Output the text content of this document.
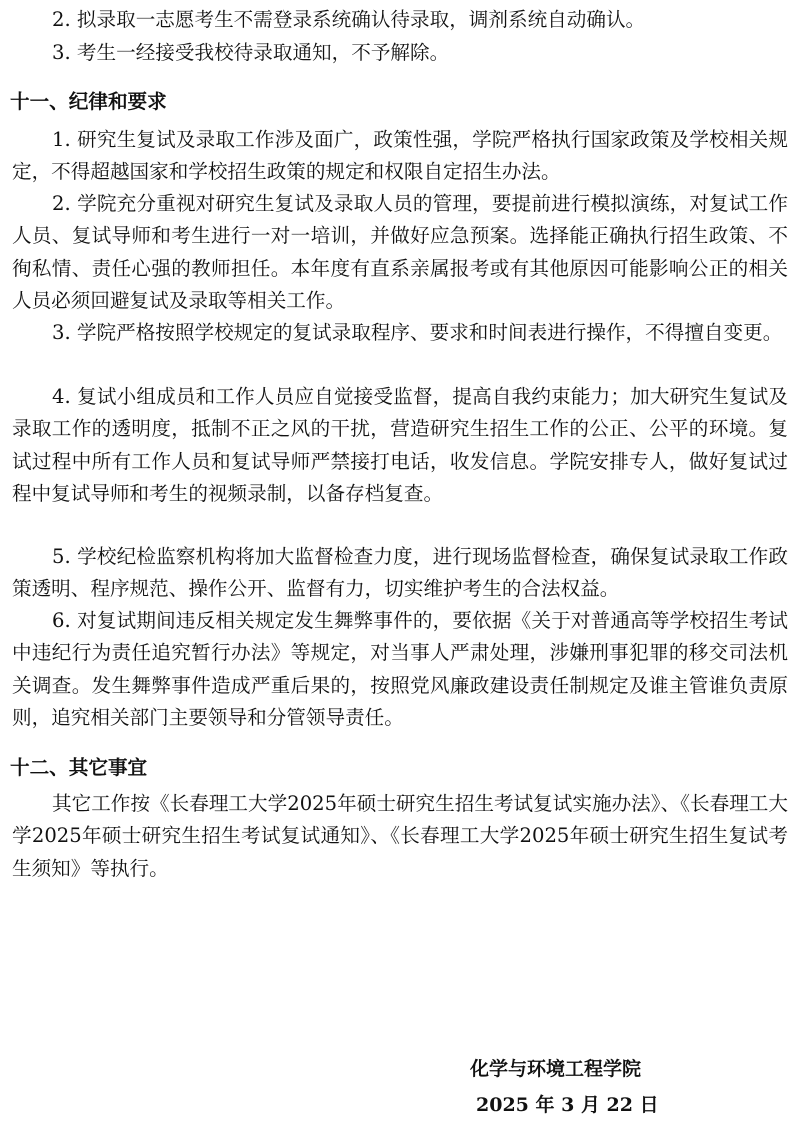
2. 拟录取一志愿考生不需登录系统确认待录取，调剂系统自动确认。

3. 考生一经接受我校待录取通知，不予解除。

十一、纪律和要求

1. 研究生复试及录取工作涉及面广，政策性强，学院严格执行国家政策及学校相关规定，不得超越国家和学校招生政策的规定和权限自定招生办法。

2. 学院充分重视对研究生复试及录取人员的管理，要提前进行模拟演练，对复试工作人员、复试导师和考生进行一对一培训，并做好应急预案。选择能正确执行招生政策、不徇私情、责任心强的教师担任。本年度有直系亲属报考或有其他原因可能影响公正的相关人员必须回避复试及录取等相关工作。

3. 学院严格按照学校规定的复试录取程序、要求和时间表进行操作，不得擅自变更。

4. 复试小组成员和工作人员应自觉接受监督，提高自我约束能力；加大研究生复试及录取工作的透明度，抵制不正之风的干扰，营造研究生招生工作的公正、公平的环境。复试过程中所有工作人员和复试导师严禁接打电话，收发信息。学院安排专人，做好复试过程中复试导师和考生的视频录制，以备存档复查。

5. 学校纪检监察机构将加大监督检查力度，进行现场监督检查，确保复试录取工作政策透明、程序规范、操作公开、监督有力，切实维护考生的合法权益。

6. 对复试期间违反相关规定发生舞弊事件的，要依据《关于对普通高等学校招生考试中违纪行为责任追究暂行办法》等规定，对当事人严肃处理，涉嫌刑事犯罪的移交司法机关调查。发生舞弊事件造成严重后果的，按照党风廉政建设责任制规定及谁主管谁负责原则，追究相关部门主要领导和分管领导责任。

十二、其它事宜

其它工作按《长春理工大学2025年硕士研究生招生考试复试实施办法》、《长春理工大学2025年硕士研究生招生考试复试通知》、《长春理工大学2025年硕士研究生招生复试考生须知》等执行。

化学与环境工程学院

2025 年 3 月 22 日
